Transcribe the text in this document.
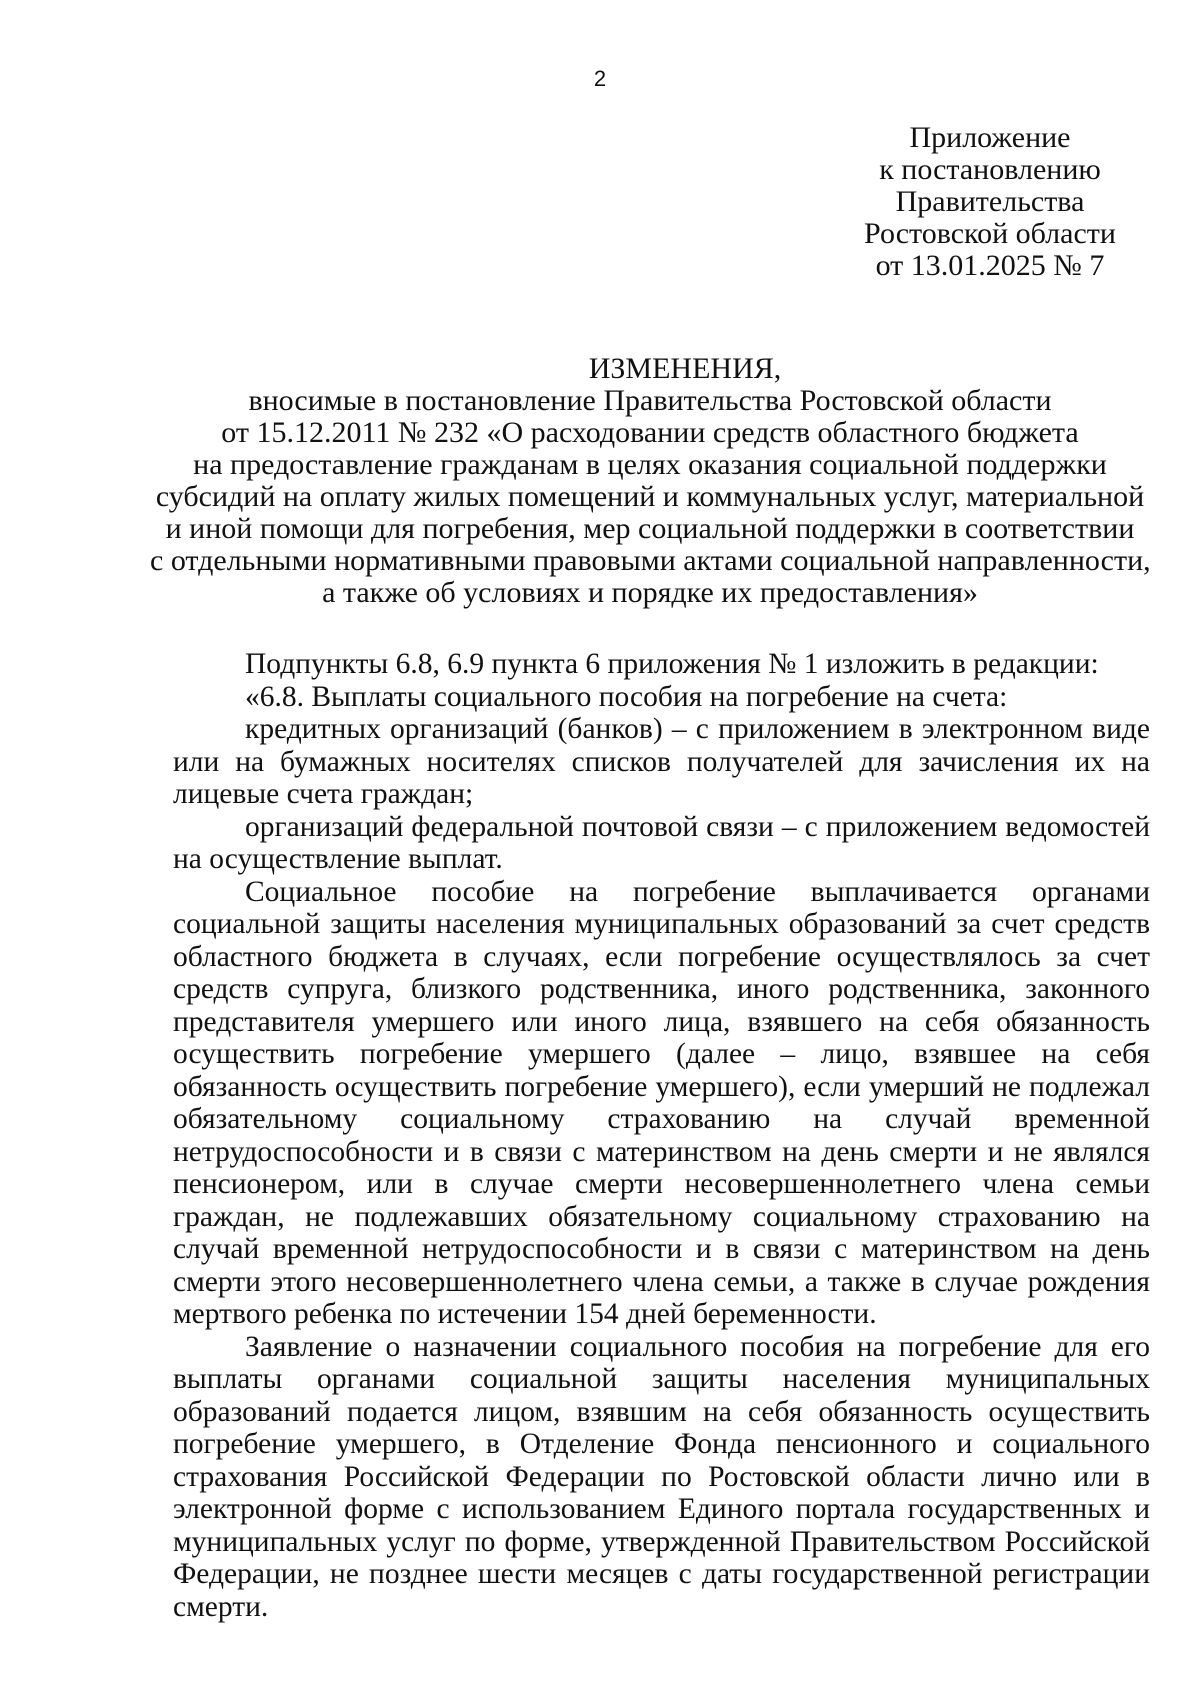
2
Приложение
к постановлению
Правительства
Ростовской области
от 13.01.2025 № 7
ИЗМЕНЕНИЯ,
вносимые в постановление Правительства Ростовской области
от 15.12.2011 № 232 «О расходовании средств областного бюджета
на предоставление гражданам в целях оказания социальной поддержки
субсидий на оплату жилых помещений и коммунальных услуг, материальной
и иной помощи для погребения, мер социальной поддержки в соответствии
с отдельными нормативными правовыми актами социальной направленности,
а также об условиях и порядке их предоставления»

Подпункты 6.8, 6.9 пункта 6 приложения № 1 изложить в редакции:

«6.8. Выплаты социального пособия на погребение на счета:

кредитных организаций (банков) – с приложением в электронном виде или на бумажных носителях списков получателей для зачисления их на лицевые счета граждан;

организаций федеральной почтовой связи – с приложением ведомостей на осуществление выплат.

Социальное пособие на погребение выплачивается органами социальной защиты населения муниципальных образований за счет средств областного бюджета в случаях, если погребение осуществлялось за счет средств супруга, близкого родственника, иного родственника, законного представителя умершего или иного лица, взявшего на себя обязанность осуществить погребение умершего (далее – лицо, взявшее на себя обязанность осуществить погребение умершего), если умерший не подлежал обязательному социальному страхованию на случай временной нетрудоспособности и в связи с материнством на день смерти и не являлся пенсионером, или в случае смерти несовершеннолетнего члена семьи граждан, не подлежавших обязательному социальному страхованию на случай временной нетрудоспособности и в связи с материнством на день смерти этого несовершеннолетнего члена семьи, а также в случае рождения мертвого ребенка по истечении 154 дней беременности.

Заявление о назначении социального пособия на погребение для его выплаты органами социальной защиты населения муниципальных образований подается лицом, взявшим на себя обязанность осуществить погребение умершего, в Отделение Фонда пенсионного и социального страхования Российской Федерации по Ростовской области лично или в электронной форме с использованием Единого портала государственных и муниципальных услуг по форме, утвержденной Правительством Российской Федерации, не позднее шести месяцев с даты государственной регистрации смерти.
